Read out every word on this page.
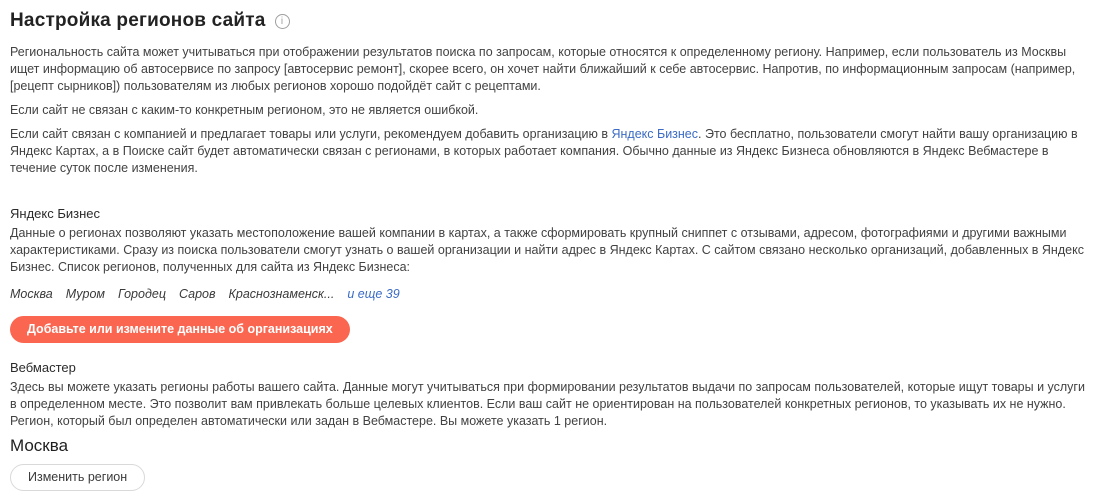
Настройка регионов сайта	i

Региональность сайта может учитываться при отображении результатов поиска по запросам, которые относятся к определенному региону. Например, если пользователь из Москвы ищет информацию об автосервисе по запросу [автосервис ремонт], скорее всего, он хочет найти ближайший к себе автосервис. Напротив, по информационным запросам (например, [рецепт сырников]) пользователям из любых регионов хорошо подойдёт сайт с рецептами.

Если сайт не связан с каким-то конкретным регионом, это не является ошибкой.

Если сайт связан с компанией и предлагает товары или услуги, рекомендуем добавить организацию в Яндекс Бизнес. Это бесплатно, пользователи смогут найти вашу организацию в Яндекс Картах, а в Поиске сайт будет автоматически связан с регионами, в которых работает компания. Обычно данные из Яндекс Бизнеса обновляются в Яндекс Вебмастере в течение суток после изменения.

Яндекс Бизнес

Данные о регионах позволяют указать местоположение вашей компании в картах, а также сформировать крупный сниппет с отзывами, адресом, фотографиями и другими важными характеристиками. Сразу из поиска пользователи смогут узнать о вашей организации и найти адрес в Яндекс Картах. С сайтом связано несколько организаций, добавленных в Яндекс Бизнес. Список регионов, полученных для сайта из Яндекс Бизнеса:

Москва Муром Городец Саров Краснознаменск... и еще 39
Добавьте или измените данные об организациях
Вебмастер

Здесь вы можете указать регионы работы вашего сайта. Данные могут учитываться при формировании результатов выдачи по запросам пользователей, которые ищут товары и услуги в определенном месте. Это позволит вам привлекать больше целевых клиентов. Если ваш сайт не ориентирован на пользователей конкретных регионов, то указывать их не нужно. Регион, который был определен автоматически или задан в Вебмастере. Вы можете указать 1 регион.

Москва
Изменить регион
